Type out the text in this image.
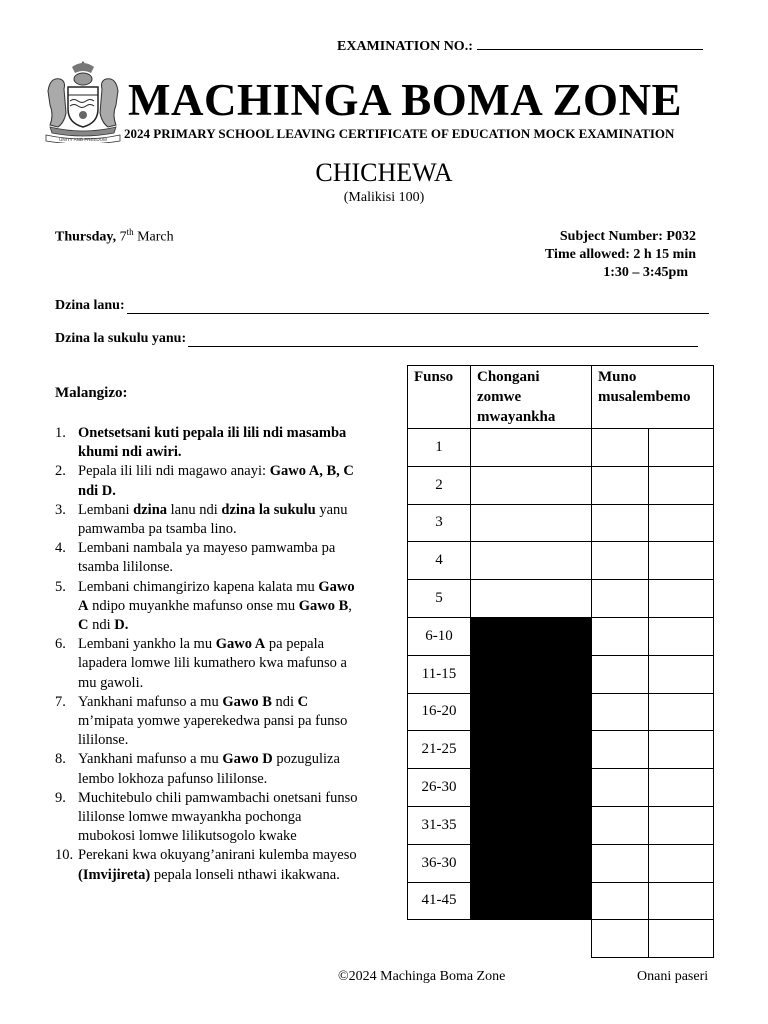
EXAMINATION NO.:
UNITY AND FREEDOM
MACHINGA BOMA ZONE
2024 PRIMARY SCHOOL LEAVING CERTIFICATE OF EDUCATION MOCK EXAMINATION
CHICHEWA
(Malikisi 100)
Thursday, 7th March	Subject Number: P032
Time allowed: 2 h 15 min
1:30 – 3:45pm
Dzina lanu:
Dzina la sukulu yanu:
Malangizo:
1. Onetsetsani kuti pepala ili lili ndi masamba khumi ndi awiri.
2. Pepala ili lili ndi magawo anayi: Gawo A, B, C ndi D.
3. Lembani dzina lanu ndi dzina la sukulu yanu pamwamba pa tsamba lino.
4. Lembani nambala ya mayeso pamwamba pa tsamba lililonse.
5. Lembani chimangirizo kapena kalata mu Gawo A ndipo muyankhe mafunso onse mu Gawo B, C ndi D.
6. Lembani yankho la mu Gawo A pa pepala lapadera lomwe lili kumathero kwa mafunso a mu gawoli.
7. Yankhani mafunso a mu Gawo B ndi C m’mipata yomwe yaperekedwa pansi pa funso lililonse.
8. Yankhani mafunso a mu Gawo D pozuguliza lembo lokhoza pafunso lililonse.
9. Muchitebulo chili pamwambachi onetsani funso lililonse lomwe mwayankha pochonga mubokosi lomwe lilikutsogolo kwake
10. Perekani kwa okuyang’anirani kulemba mayeso (Imvijireta) pepala lonseli nthawi ikakwana.
Funso	Chongani zomwe mwayankha	Muno musalembemo	
1			
2			
3			
4			
5			
6-10			
11-15			
16-20			
21-25			
26-30			
31-35			
36-30			
41-45			

©2024 Machinga Boma Zone	Onani paseri
